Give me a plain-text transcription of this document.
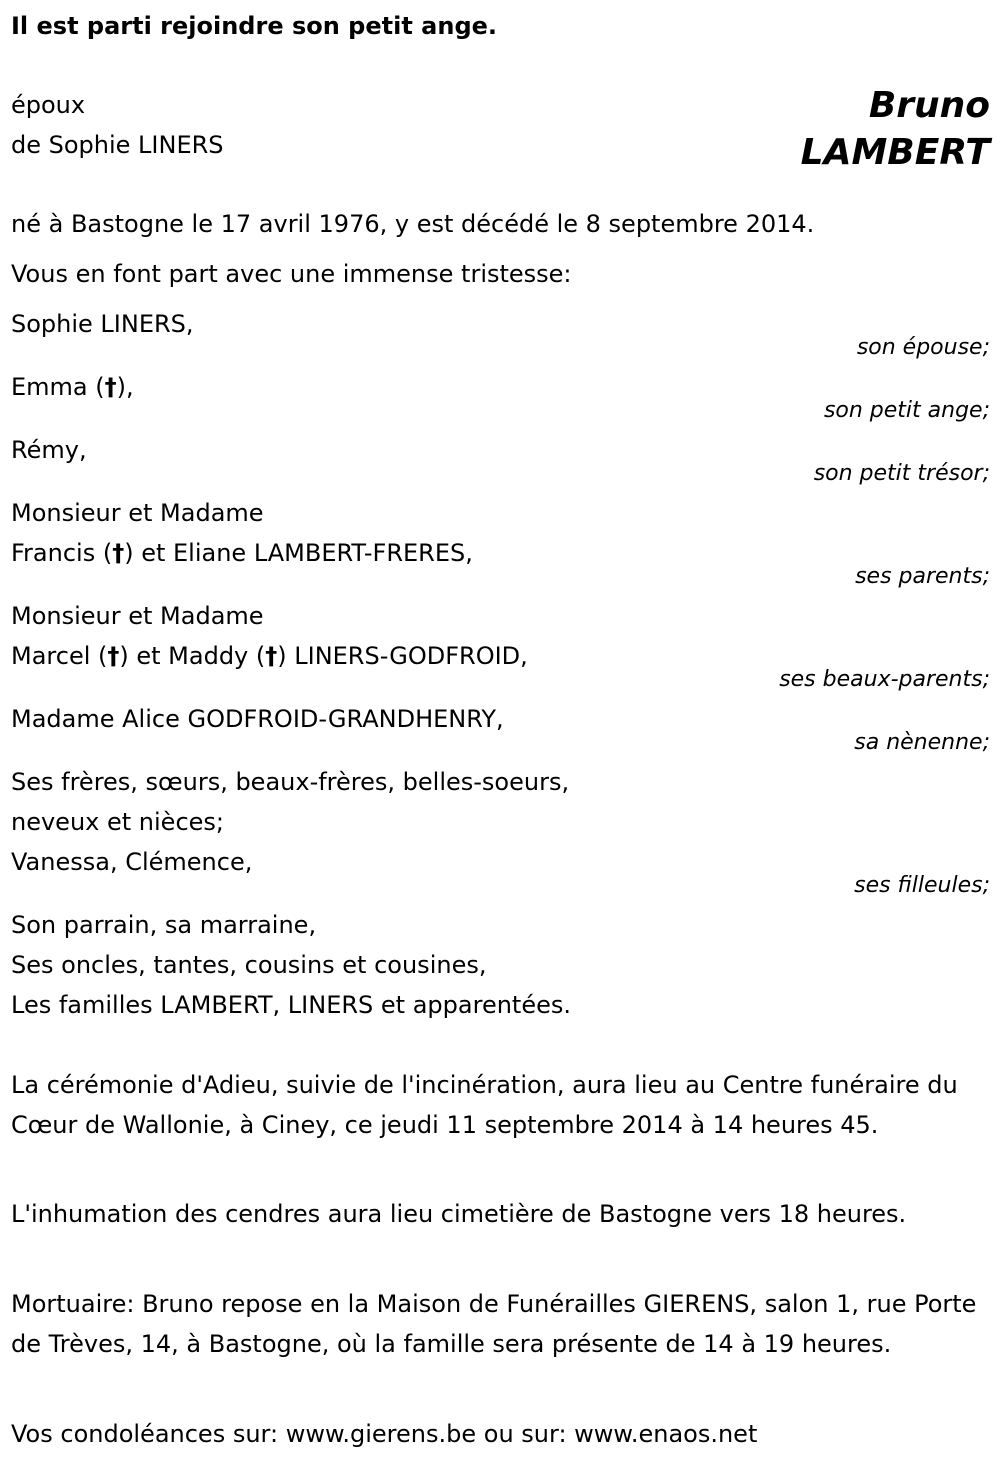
Il est parti rejoindre son petit ange.
époux
de Sophie LINERS
Bruno
LAMBERT
né à Bastogne le 17 avril 1976, y est décédé le 8 septembre 2014.
Vous en font part avec une immense tristesse:
Sophie LINERS,
son épouse;
Emma (†),
son petit ange;
Rémy,
son petit trésor;
Monsieur et Madame
Francis (†) et Eliane LAMBERT-FRERES,
ses parents;
Monsieur et Madame
Marcel (†) et Maddy (†) LINERS-GODFROID,
ses beaux-parents;
Madame Alice GODFROID-GRANDHENRY,
sa nènenne;
Ses frères, sœurs, beaux-frères, belles-soeurs,
neveux et nièces;
Vanessa, Clémence,
ses filleules;
Son parrain, sa marraine,
Ses oncles, tantes, cousins et cousines,
Les familles LAMBERT, LINERS et apparentées.
La cérémonie d'Adieu, suivie de l'incinération, aura lieu au Centre funéraire du Cœur de Wallonie, à Ciney, ce jeudi 11 septembre 2014 à 14 heures 45.
L'inhumation des cendres aura lieu cimetière de Bastogne vers 18 heures.
Mortuaire: Bruno repose en la Maison de Funérailles GIERENS, salon 1, rue Porte de Trèves, 14, à Bastogne, où la famille sera présente de 14 à 19 heures.
Vos condoléances sur: www.gierens.be ou sur: www.enaos.net
